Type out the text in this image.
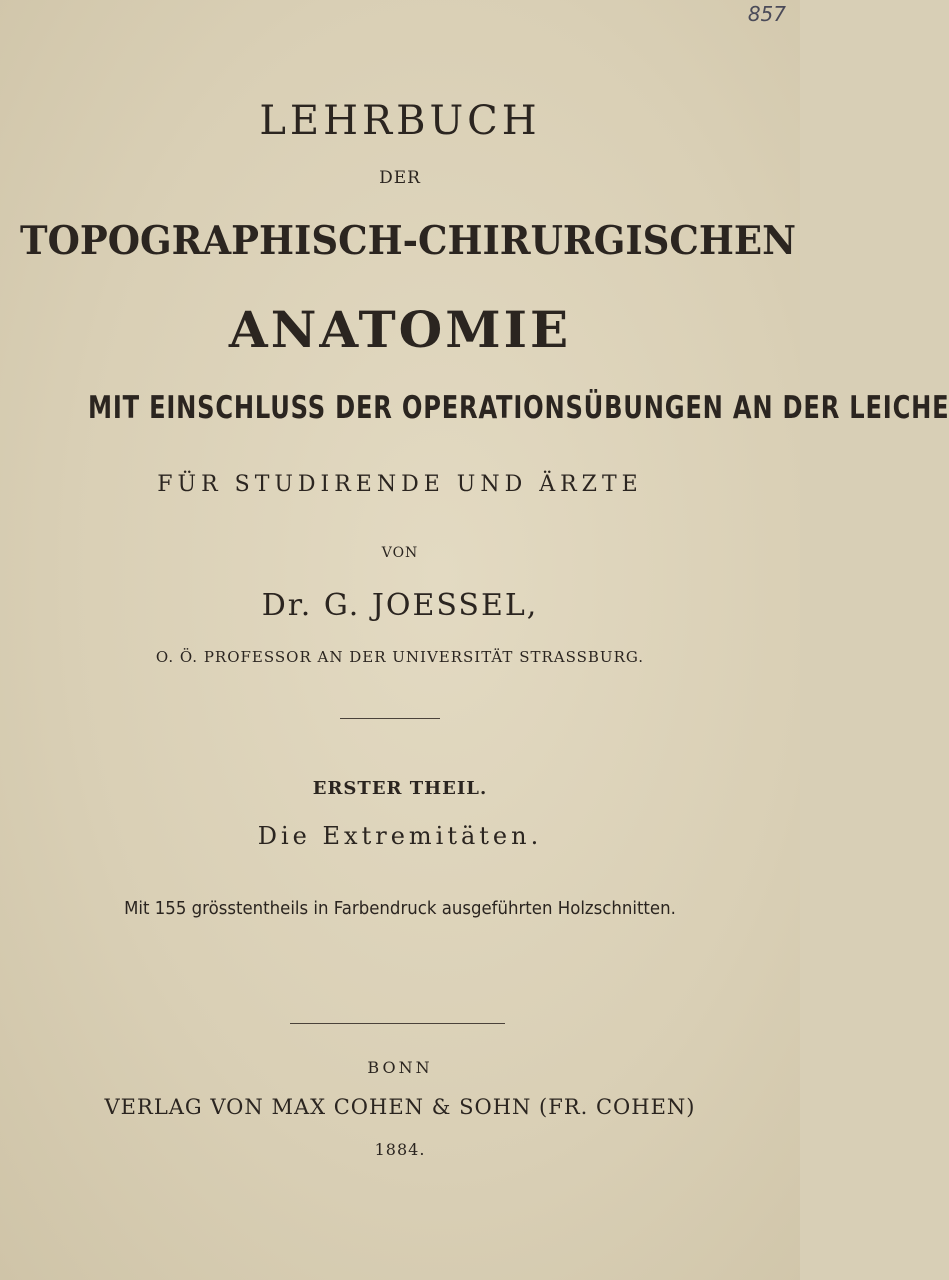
857
LEHRBUCH
DER
TOPOGRAPHISCH-CHIRURGISCHEN
ANATOMIE
MIT EINSCHLUSS DER OPERATIONSÜBUNGEN AN DER LEICHE
FÜR STUDIRENDE UND ÄRZTE
VON
Dr. G. JOESSEL,
O. Ö. PROFESSOR AN DER UNIVERSITÄT STRASSBURG.
ERSTER THEIL.
Die Extremitäten.
Mit 155 grösstentheils in Farbendruck ausgeführten Holzschnitten.
BONN
VERLAG VON MAX COHEN & SOHN (FR. COHEN)
1884.
